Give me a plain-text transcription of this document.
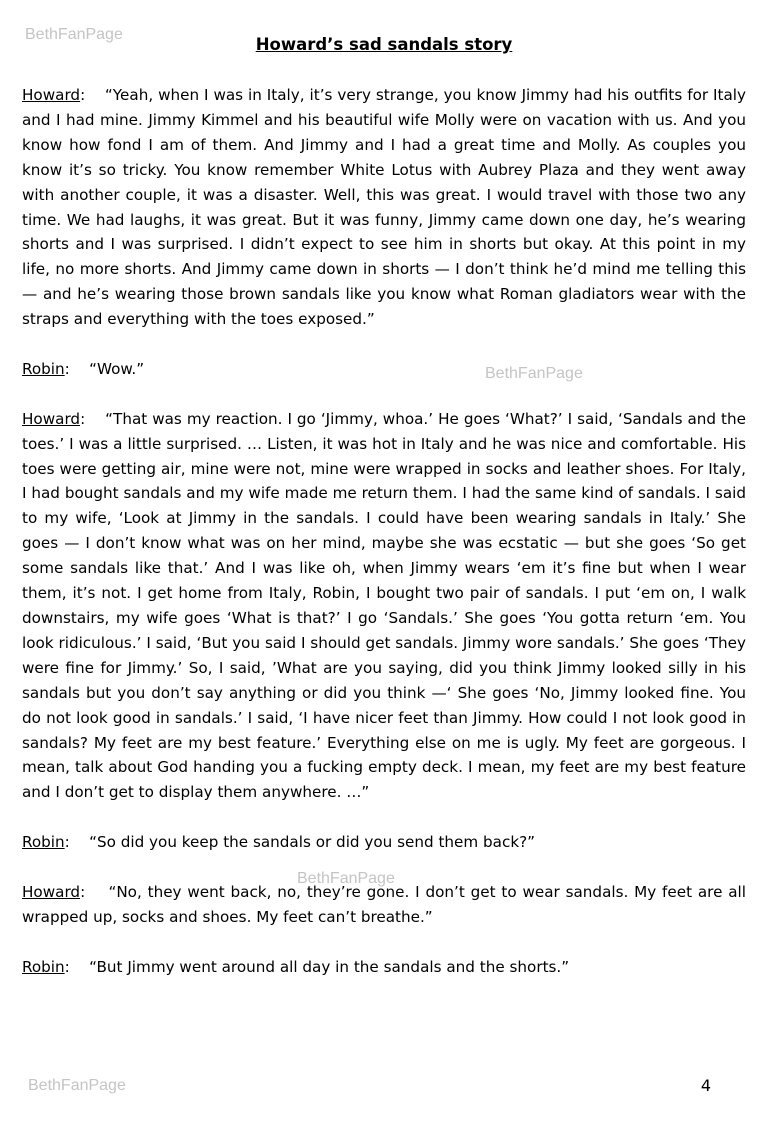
BethFanPage
BethFanPage
BethFanPage
BethFanPage
Howard’s sad sandals story

Howard:    “Yeah, when I was in Italy, it’s very strange, you know Jimmy had his outfits for Italy and I had mine. Jimmy Kimmel and his beautiful wife Molly were on vacation with us. And you know how fond I am of them. And Jimmy and I had a great time and Molly. As couples you know it’s so tricky. You know remember White Lotus with Aubrey Plaza and they went away with another couple, it was a disaster. Well, this was great. I would travel with those two any time. We had laughs, it was great. But it was funny, Jimmy came down one day, he’s wearing shorts and I was surprised. I didn’t expect to see him in shorts but okay. At this point in my life, no more shorts. And Jimmy came down in shorts — I don’t think he’d mind me telling this — and he’s wearing those brown sandals like you know what Roman gladiators wear with the straps and everything with the toes exposed.”

Robin:    “Wow.”

Howard:    “That was my reaction. I go ‘Jimmy, whoa.’ He goes ‘What?’ I said, ‘Sandals and the toes.’ I was a little surprised. … Listen, it was hot in Italy and he was nice and comfortable. His toes were getting air, mine were not, mine were wrapped in socks and leather shoes. For Italy, I had bought sandals and my wife made me return them. I had the same kind of sandals. I said to my wife, ‘Look at Jimmy in the sandals. I could have been wearing sandals in Italy.’ She goes — I don’t know what was on her mind, maybe she was ecstatic — but she goes ‘So get some sandals like that.’ And I was like oh, when Jimmy wears ‘em it’s fine but when I wear them, it’s not. I get home from Italy, Robin, I bought two pair of sandals. I put ‘em on, I walk downstairs, my wife goes ‘What is that?’ I go ‘Sandals.’ She goes ‘You gotta return ‘em. You look ridiculous.’ I said, ‘But you said I should get sandals. Jimmy wore sandals.’ She goes ‘They were fine for Jimmy.’ So, I said, ’What are you saying, did you think Jimmy looked silly in his sandals but you don’t say anything or did you think —‘ She goes ‘No, Jimmy looked fine. You do not look good in sandals.’ I said, ‘I have nicer feet than Jimmy. How could I not look good in sandals? My feet are my best feature.’ Everything else on me is ugly. My feet are gorgeous. I mean, talk about God handing you a fucking empty deck. I mean, my feet are my best feature and I don’t get to display them anywhere. …”

Robin:    “So did you keep the sandals or did you send them back?”

Howard:    “No, they went back, no, they’re gone. I don’t get to wear sandals. My feet are all wrapped up, socks and shoes. My feet can’t breathe.”

Robin:    “But Jimmy went around all day in the sandals and the shorts.”

4
